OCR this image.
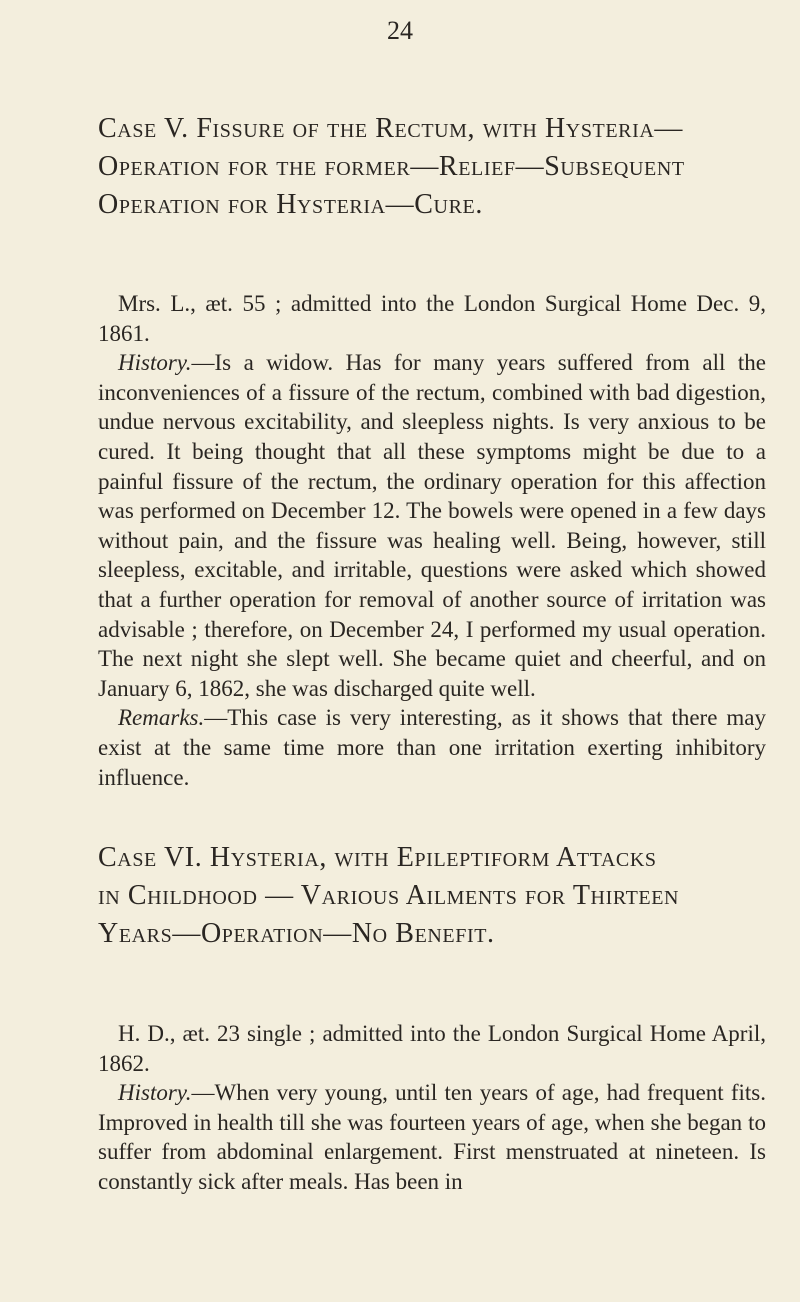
24
Case V. Fissure of the Rectum, with Hysteria—
Operation for the former—Relief—Subsequent
Operation for Hysteria—Cure.

Mrs. L., æt. 55 ; admitted into the London Surgical Home Dec. 9, 1861.

History.—Is a widow. Has for many years suffered from all the inconveniences of a fissure of the rectum, combined with bad digestion, undue nervous excitability, and sleepless nights. Is very anxious to be cured. It being thought that all these symptoms might be due to a painful fissure of the rectum, the ordinary operation for this affection was performed on December 12. The bowels were opened in a few days without pain, and the fissure was healing well. Being, however, still sleepless, excitable, and irritable, questions were asked which showed that a further operation for removal of another source of irritation was advisable ; therefore, on December 24, I performed my usual operation. The next night she slept well. She became quiet and cheerful, and on January 6, 1862, she was discharged quite well.

Remarks.—This case is very interesting, as it shows that there may exist at the same time more than one irritation exerting inhibitory influence.

Case VI. Hysteria, with Epileptiform Attacks
in Childhood — Various Ailments for Thirteen
Years—Operation—No Benefit.

H. D., æt. 23 single ; admitted into the London Surgical Home April, 1862.

History.—When very young, until ten years of age, had frequent fits. Improved in health till she was fourteen years of age, when she began to suffer from abdominal enlargement. First menstruated at nineteen. Is constantly sick after meals. Has been in
